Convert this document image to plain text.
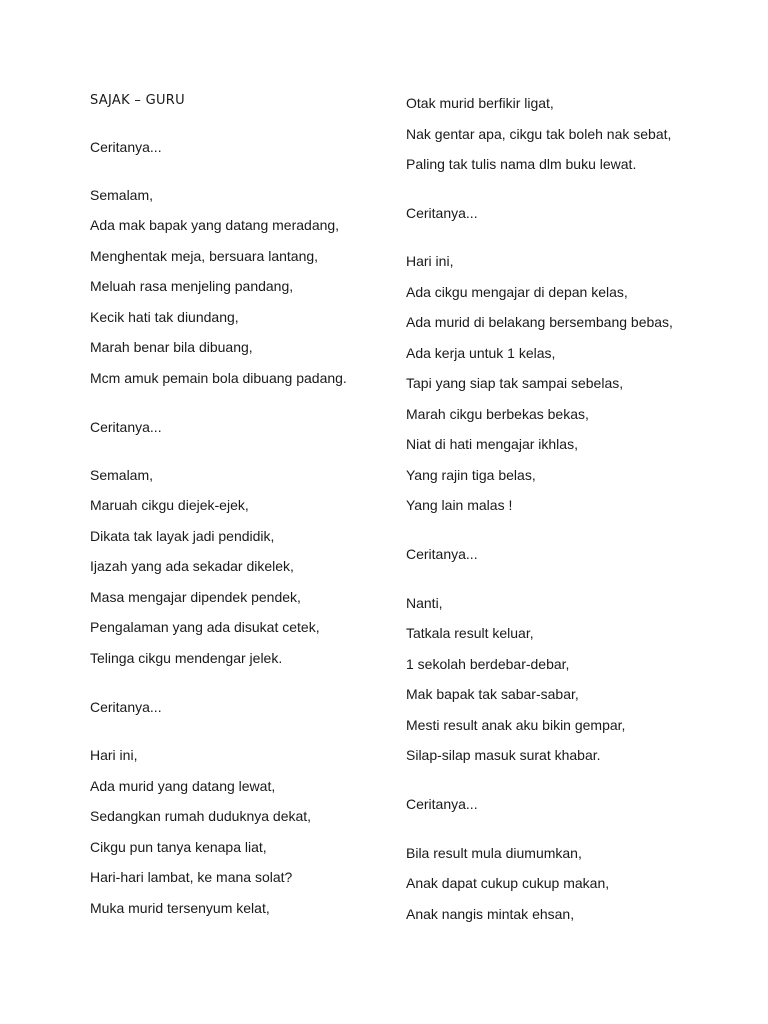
SAJAK – GURU
Ceritanya...
Semalam,
Ada mak bapak yang datang meradang,
Menghentak meja, bersuara lantang,
Meluah rasa menjeling pandang,
Kecik hati tak diundang,
Marah benar bila dibuang,
Mcm amuk pemain bola dibuang padang.
Ceritanya...
Semalam,
Maruah cikgu diejek-ejek,
Dikata tak layak jadi pendidik,
Ijazah yang ada sekadar dikelek,
Masa mengajar dipendek pendek,
Pengalaman yang ada disukat cetek,
Telinga cikgu mendengar jelek.
Ceritanya...
Hari ini,
Ada murid yang datang lewat,
Sedangkan rumah duduknya dekat,
Cikgu pun tanya kenapa liat,
Hari-hari lambat, ke mana solat?
Muka murid tersenyum kelat,
Otak murid berfikir ligat,
Nak gentar apa, cikgu tak boleh nak sebat,
Paling tak tulis nama dlm buku lewat.
Ceritanya...
Hari ini,
Ada cikgu mengajar di depan kelas,
Ada murid di belakang bersembang bebas,
Ada kerja untuk 1 kelas,
Tapi yang siap tak sampai sebelas,
Marah cikgu berbekas bekas,
Niat di hati mengajar ikhlas,
Yang rajin tiga belas,
Yang lain malas !
Ceritanya...
Nanti,
Tatkala result keluar,
1 sekolah berdebar-debar,
Mak bapak tak sabar-sabar,
Mesti result anak aku bikin gempar,
Silap-silap masuk surat khabar.
Ceritanya...
Bila result mula diumumkan,
Anak dapat cukup cukup makan,
Anak nangis mintak ehsan,
